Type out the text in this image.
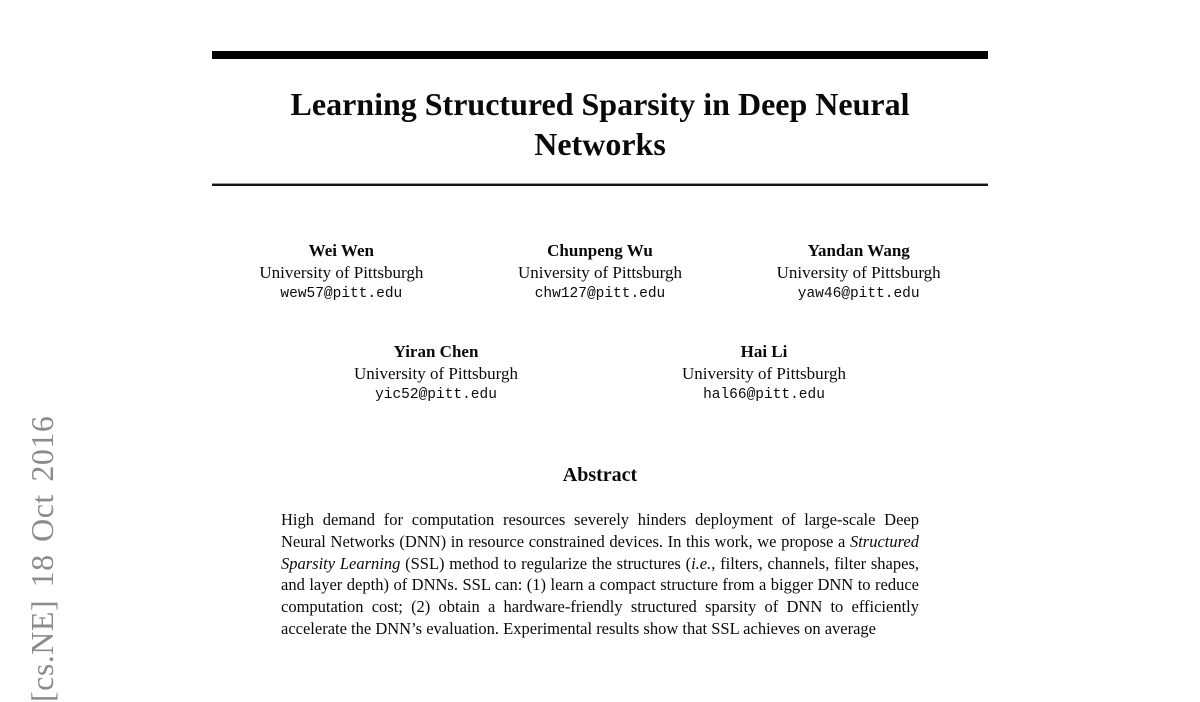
[cs.NE] 18 Oct 2016
Learning Structured Sparsity in Deep Neural Networks
Wei Wen
University of Pittsburgh
wew57@pitt.edu
Chunpeng Wu
University of Pittsburgh
chw127@pitt.edu
Yandan Wang
University of Pittsburgh
yaw46@pitt.edu
Yiran Chen
University of Pittsburgh
yic52@pitt.edu
Hai Li
University of Pittsburgh
hal66@pitt.edu
Abstract

High demand for computation resources severely hinders deployment of large-scale Deep Neural Networks (DNN) in resource constrained devices. In this work, we propose a Structured Sparsity Learning (SSL) method to regularize the structures (i.e., filters, channels, filter shapes, and layer depth) of DNNs. SSL can: (1) learn a compact structure from a bigger DNN to reduce computation cost; (2) obtain a hardware-friendly structured sparsity of DNN to efficiently accelerate the DNN’s evaluation. Experimental results show that SSL achieves on average
